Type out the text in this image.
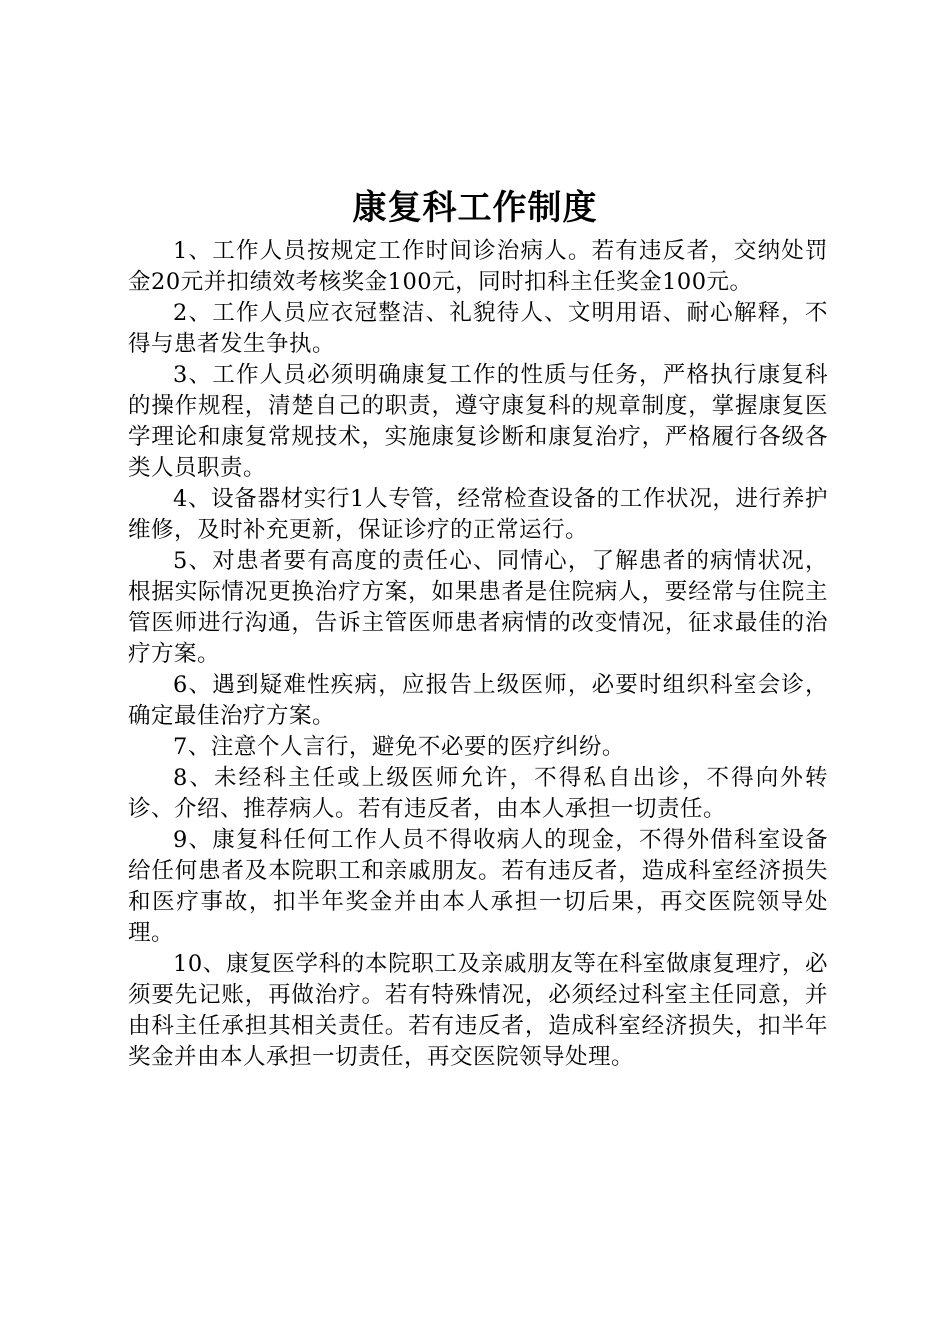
康复科工作制度

1、工作人员按规定工作时间诊治病人。若有违反者，交纳处罚金20元并扣绩效考核奖金100元，同时扣科主任奖金100元。

2、工作人员应衣冠整洁、礼貌待人、文明用语、耐心解释，不得与患者发生争执。

3、工作人员必须明确康复工作的性质与任务，严格执行康复科的操作规程，清楚自己的职责，遵守康复科的规章制度，掌握康复医学理论和康复常规技术，实施康复诊断和康复治疗，严格履行各级各类人员职责。

4、设备器材实行1人专管，经常检查设备的工作状况，进行养护维修，及时补充更新，保证诊疗的正常运行。

5、对患者要有高度的责任心、同情心，了解患者的病情状况，根据实际情况更换治疗方案，如果患者是住院病人，要经常与住院主管医师进行沟通，告诉主管医师患者病情的改变情况，征求最佳的治疗方案。

6、遇到疑难性疾病，应报告上级医师，必要时组织科室会诊，确定最佳治疗方案。

7、注意个人言行，避免不必要的医疗纠纷。

8、未经科主任或上级医师允许，不得私自出诊，不得向外转诊、介绍、推荐病人。若有违反者，由本人承担一切责任。

9、康复科任何工作人员不得收病人的现金，不得外借科室设备给任何患者及本院职工和亲戚朋友。若有违反者，造成科室经济损失和医疗事故，扣半年奖金并由本人承担一切后果，再交医院领导处理。

10、康复医学科的本院职工及亲戚朋友等在科室做康复理疗，必须要先记账，再做治疗。若有特殊情况，必须经过科室主任同意，并由科主任承担其相关责任。若有违反者，造成科室经济损失，扣半年奖金并由本人承担一切责任，再交医院领导处理。
